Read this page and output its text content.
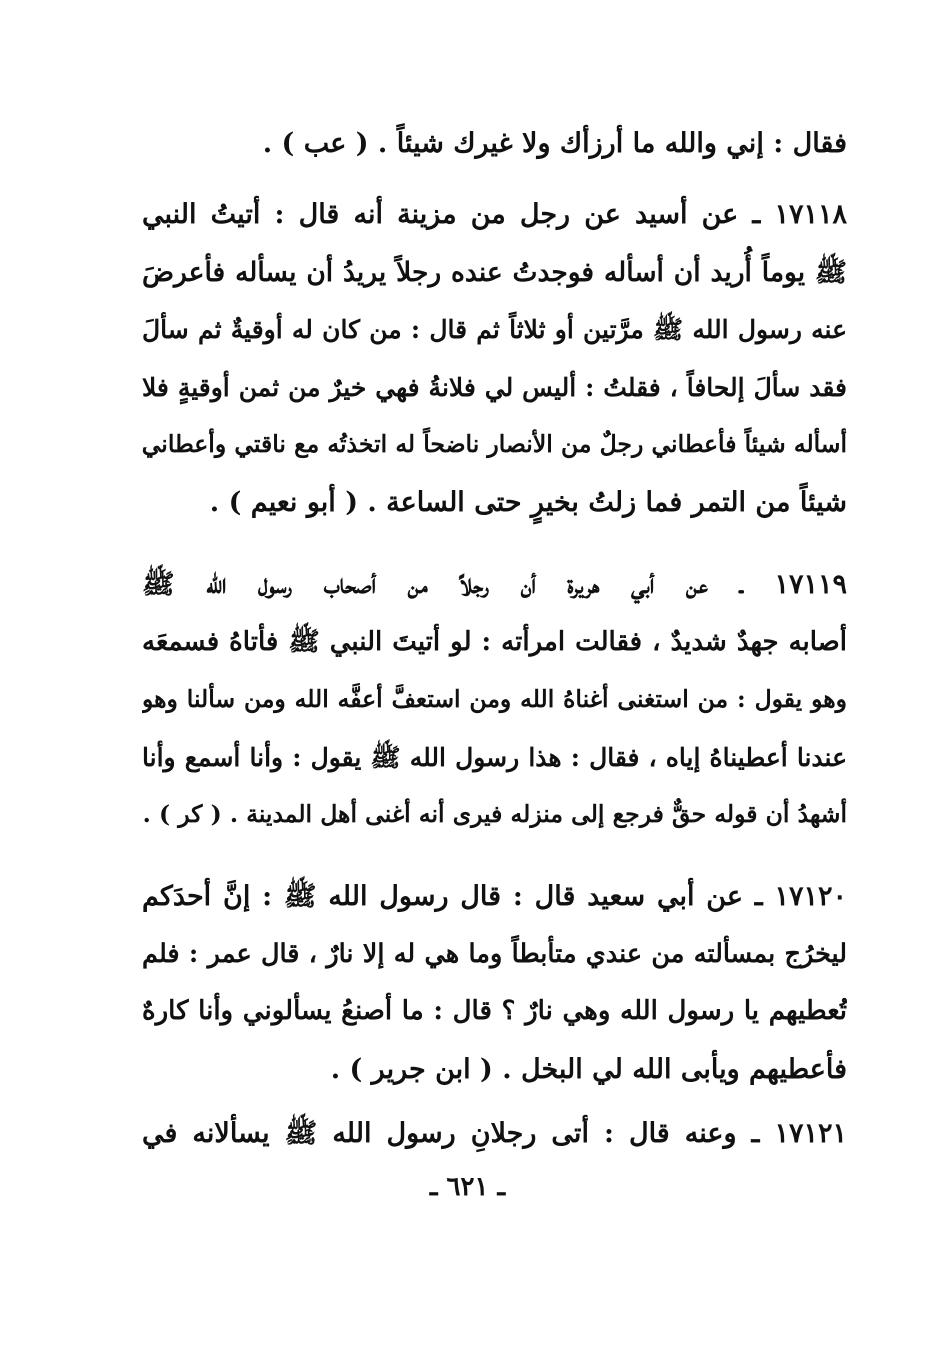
فقال : إني والله ما أرزأك ولا غيرك شيئاً . ( عب ) .
١٧١١٨ ـ عن أسيد عن رجل من مزينة أنه قال : أتيتُ النبي
ﷺ يوماً أُريد أن أسأله فوجدتُ عنده رجلاً يريدُ أن يسأله فأعرضَ
عنه رسول الله ﷺ مرَّتين أو ثلاثاً ثم قال : من كان له أوقيةٌ ثم سألَ
فقد سألَ إلحافاً ، فقلتُ : أليس لي فلانةُ فهي خيرٌ من ثمن أوقيةٍ فلا
أسأله شيئاً فأعطاني رجلٌ من الأنصار ناضحاً له اتخذتُه مع ناقتي وأعطاني
شيئاً من التمر فما زلتُ بخيرٍ حتى الساعة . ( أبو نعيم ) .
١٧١١٩ ـ عن أبي هريرة أن رجلاً من أصحاب رسول الله ﷺ
أصابه جهدٌ شديدٌ ، فقالت امرأته : لو أتيتَ النبي ﷺ فأتاهُ فسمعَه
وهو يقول : من استغنى أغناهُ الله ومن استعفَّ أعفَّه الله ومن سألنا وهو
عندنا أعطيناهُ إياه ، فقال : هذا رسول الله ﷺ يقول : وأنا أسمع وأنا
أشهدُ أن قوله حقٌّ فرجع إلى منزله فيرى أنه أغنى أهل المدينة . ( كر ) .
١٧١٢٠ ـ عن أبي سعيد قال : قال رسول الله ﷺ : إنَّ أحدَكم
ليخرُج بمسألته من عندي متأبطاً وما هي له إلا نارٌ ، قال عمر : فلم
تُعطيهم يا رسول الله وهي نارٌ ؟ قال : ما أصنعُ يسألوني وأنا كارهٌ
فأعطيهم ويأبى الله لي البخل . ( ابن جرير ) .
١٧١٢١ ـ وعنه قال : أتى رجلانِ رسول الله ﷺ يسألانه في
ـ ٦٢١ ـ
